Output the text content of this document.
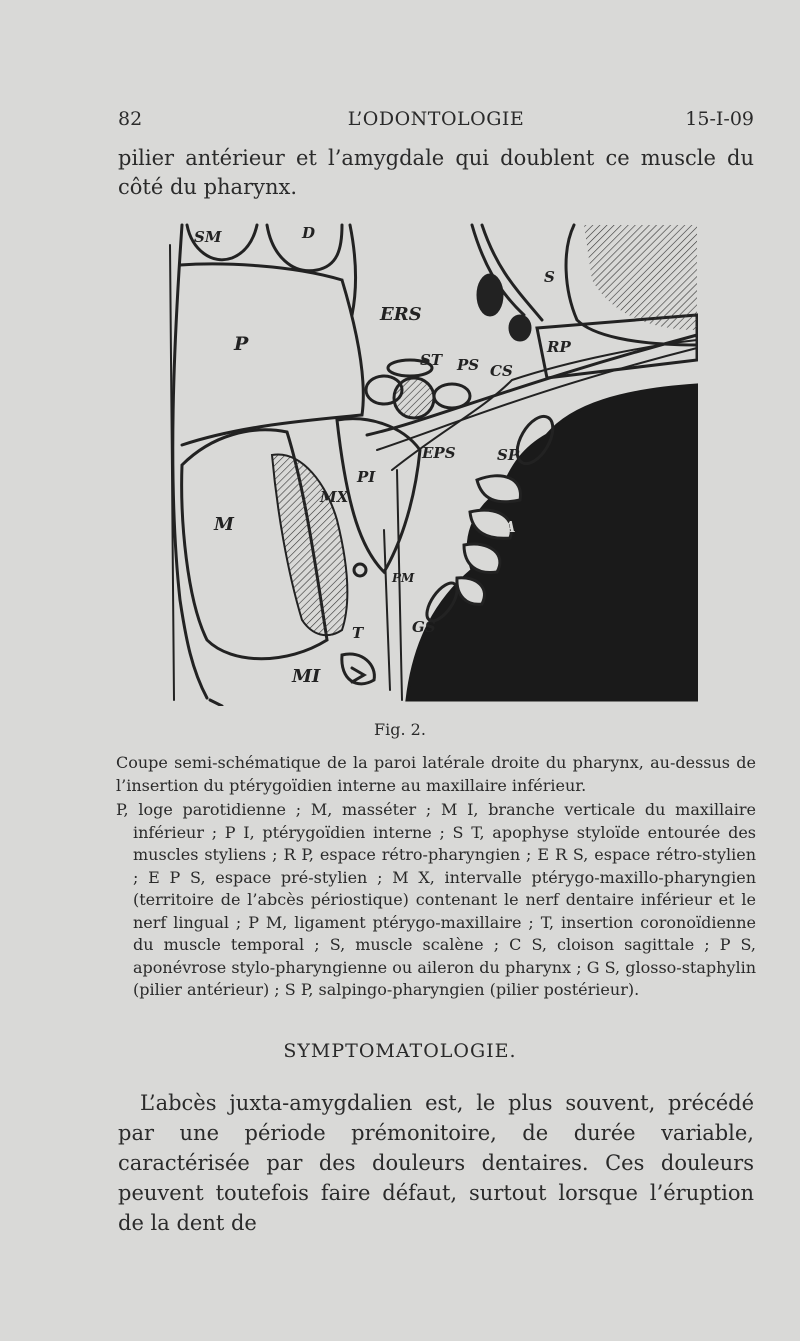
82	L’ODONTOLOGIE	15-I-09
pilier antérieur et l’amygdale qui doublent ce muscle du côté du pharynx.
SM	D
ERS
S
P
ST PS CS
RP
EPS	SP
PI
MX
M	A
PM
GS
T
MI
Fig. 2.

Coupe semi-schématique de la paroi latérale droite du pharynx, au-dessus de l’insertion du ptérygoïdien interne au maxillaire inférieur.

P, loge parotidienne ; M, masséter ; M I, branche verticale du maxillaire inférieur ; P I, ptérygoïdien interne ; S T, apophyse styloïde entourée des muscles styliens ; R P, espace rétro-pharyngien ; E R S, espace rétro-stylien ; E P S, espace pré-stylien ; M X, intervalle ptérygo-maxillo-pharyngien (territoire de l’abcès périostique) contenant le nerf dentaire inférieur et le nerf lingual ; P M, ligament ptérygo-maxillaire ; T, insertion coronoïdienne du muscle temporal ; S, muscle scalène ; C S, cloison sagittale ; P S, aponévrose stylo-pharyngienne ou aileron du pharynx ; G S, glosso-staphylin (pilier antérieur) ; S P, salpingo-pharyngien (pilier postérieur).

SYMPTOMATOLOGIE.

L’abcès juxta-amygdalien est, le plus souvent, précédé par une période prémonitoire, de durée variable, caractérisée par des douleurs dentaires. Ces douleurs peuvent toutefois faire défaut, surtout lorsque l’éruption de la dent de
